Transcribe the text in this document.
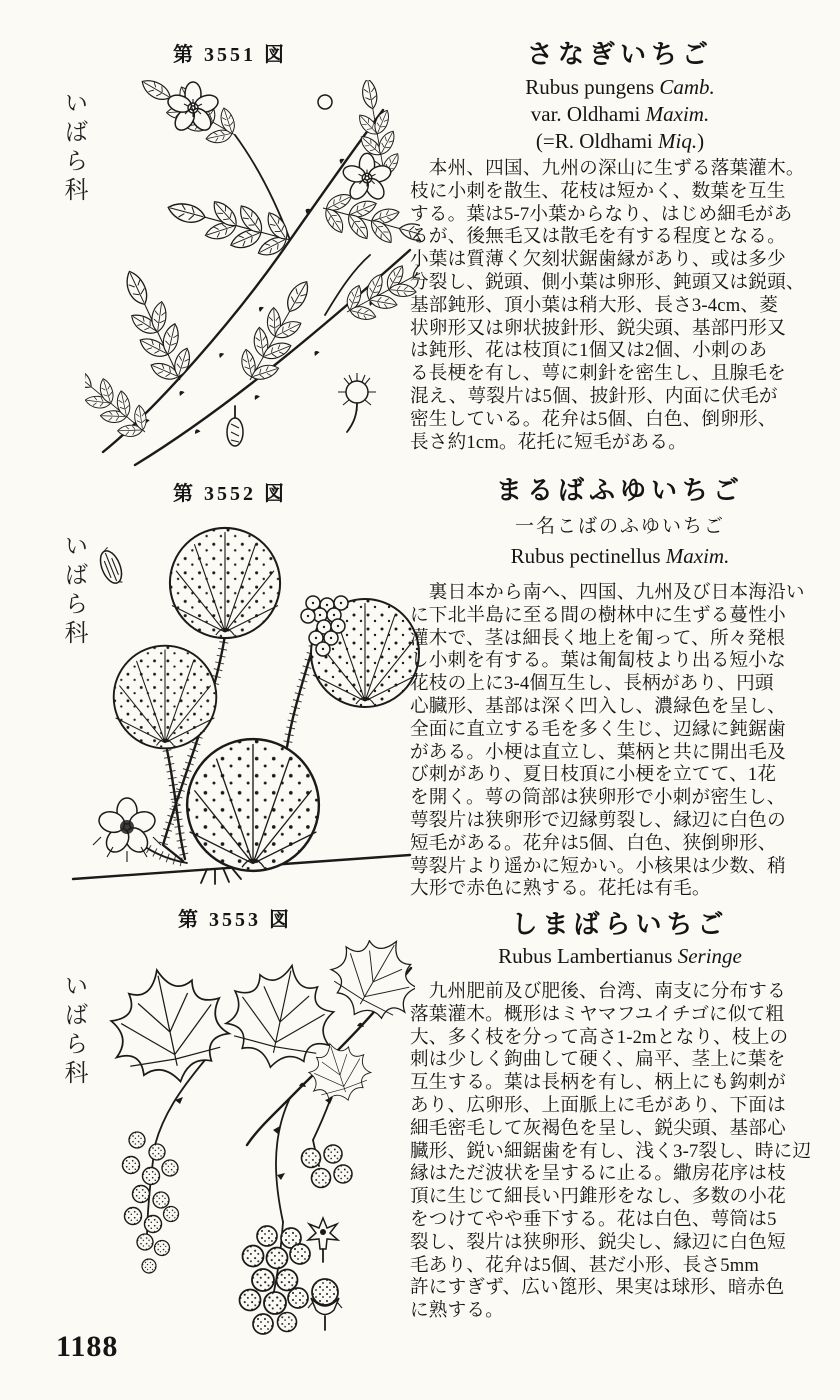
第 3551 図
いばら科
第 3552 図
いばら科
第 3553 図
いばら科
1188
さなぎいちご
Rubus pungens Camb.
var. Oldhami Maxim.
(=R. Oldhami Miq.)
　本州、四国、九州の深山に生ずる落葉灌木。
枝に小刺を散生、花枝は短かく、数葉を互生
する。葉は5-7小葉からなり、はじめ細毛があ
るが、後無毛又は散毛を有する程度となる。
小葉は質薄く欠刻状鋸歯縁があり、或は多少
分裂し、鋭頭、側小葉は卵形、鈍頭又は鋭頭、
基部鈍形、頂小葉は稍大形、長さ3-4cm、菱
状卵形又は卵状披針形、鋭尖頭、基部円形又
は鈍形、花は枝頂に1個又は2個、小刺のあ
る長梗を有し、萼に刺針を密生し、且腺毛を
混え、萼裂片は5個、披針形、内面に伏毛が
密生している。花弁は5個、白色、倒卵形、
長さ約1cm。花托に短毛がある。
まるばふゆいちご
一名こばのふゆいちご
Rubus pectinellus Maxim.
　裏日本から南へ、四国、九州及び日本海沿い
に下北半島に至る間の樹林中に生ずる蔓性小
灌木で、茎は細長く地上を匍って、所々発根
し小刺を有する。葉は匍匐枝より出る短小な
花枝の上に3-4個互生し、長柄があり、円頭
心臓形、基部は深く凹入し、濃緑色を呈し、
全面に直立する毛を多く生じ、辺縁に鈍鋸歯
がある。小梗は直立し、葉柄と共に開出毛及
び刺があり、夏日枝頂に小梗を立てて、1花
を開く。萼の筒部は狭卵形で小刺が密生し、
萼裂片は狭卵形で辺縁剪裂し、縁辺に白色の
短毛がある。花弁は5個、白色、狭倒卵形、
萼裂片より遥かに短かい。小核果は少数、稍
大形で赤色に熟する。花托は有毛。
しまばらいちご
Rubus Lambertianus Seringe
　九州肥前及び肥後、台湾、南支に分布する
落葉灌木。概形はミヤマフユイチゴに似て粗
大、多く枝を分って高さ1-2mとなり、枝上の
刺は少しく鉤曲して硬く、扁平、茎上に葉を
互生する。葉は長柄を有し、柄上にも鈎刺が
あり、広卵形、上面脈上に毛があり、下面は
細毛密毛して灰褐色を呈し、鋭尖頭、基部心
臓形、鋭い細鋸歯を有し、浅く3-7裂し、時に辺
縁はただ波状を呈するに止る。繖房花序は枝
頂に生じて細長い円錐形をなし、多数の小花
をつけてやや垂下する。花は白色、萼筒は5
裂し、裂片は狭卵形、鋭尖し、縁辺に白色短
毛あり、花弁は5個、甚だ小形、長さ5mm
許にすぎず、広い箆形、果実は球形、暗赤色
に熟する。
